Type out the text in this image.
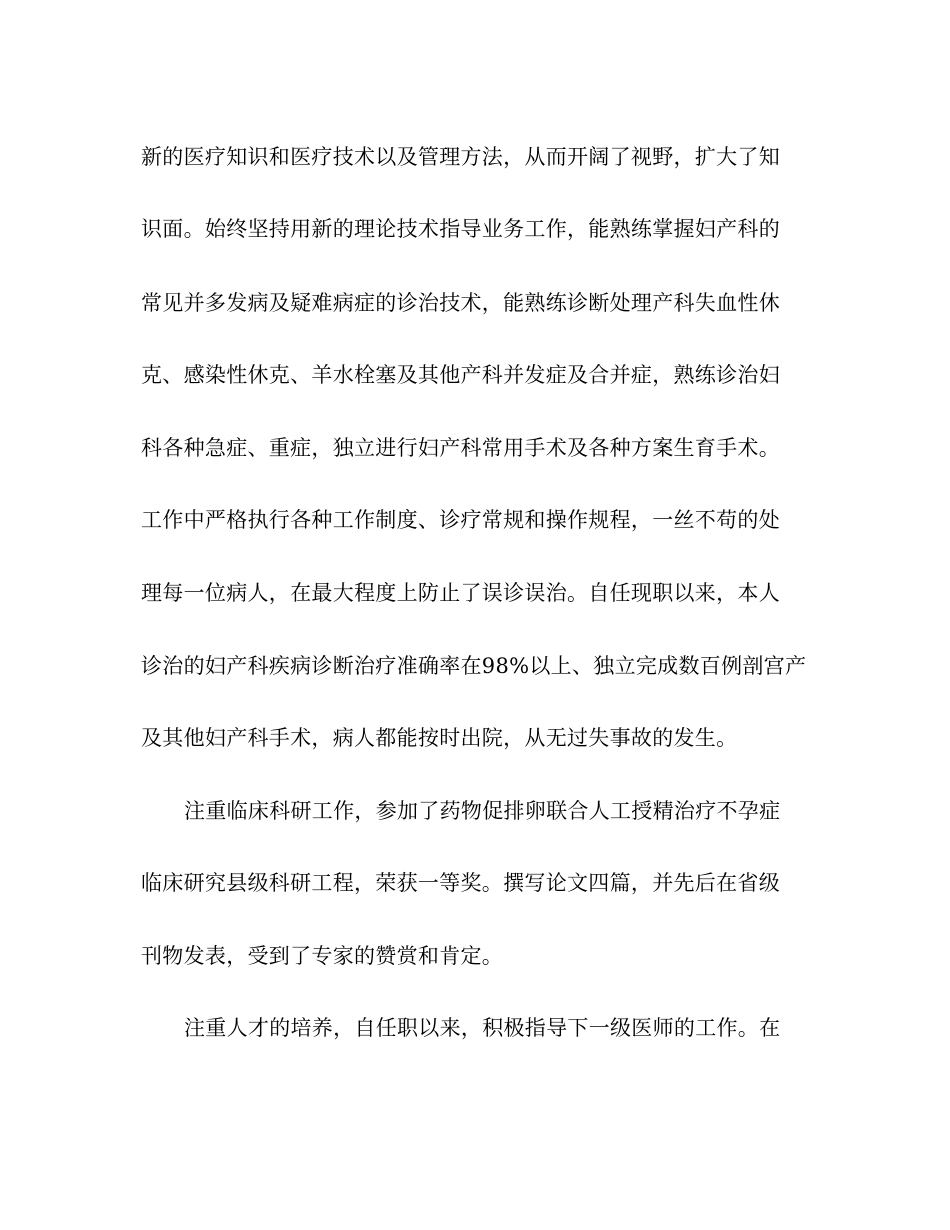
新的医疗知识和医疗技术以及管理方法，从而开阔了视野，扩大了知
识面。始终坚持用新的理论技术指导业务工作，能熟练掌握妇产科的
常见并多发病及疑难病症的诊治技术，能熟练诊断处理产科失血性休
克、感染性休克、羊水栓塞及其他产科并发症及合并症，熟练诊治妇
科各种急症、重症，独立进行妇产科常用手术及各种方案生育手术。
工作中严格执行各种工作制度、诊疗常规和操作规程，一丝不苟的处
理每一位病人，在最大程度上防止了误诊误治。自任现职以来，本人
诊治的妇产科疾病诊断治疗准确率在98%以上、独立完成数百例剖宫产
及其他妇产科手术，病人都能按时出院，从无过失事故的发生。
注重临床科研工作，参加了药物促排卵联合人工授精治疗不孕症
临床研究县级科研工程，荣获一等奖。撰写论文四篇，并先后在省级
刊物发表，受到了专家的赞赏和肯定。
注重人才的培养，自任职以来，积极指导下一级医师的工作。在
